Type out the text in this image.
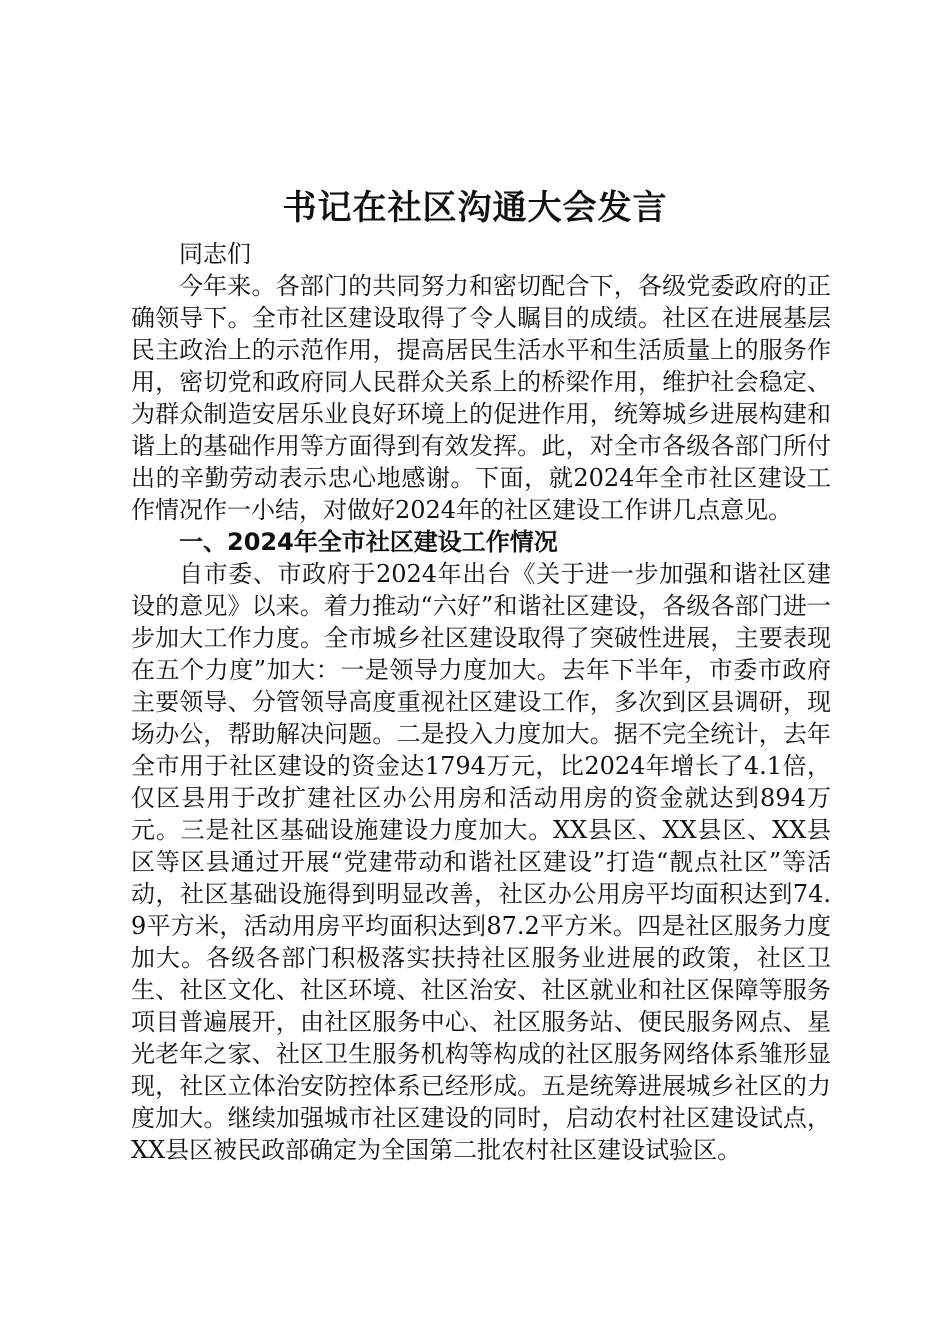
书记在社区沟通大会发言

同志们

今年来。各部门的共同努力和密切配合下，各级党委政府的正确领导下。全市社区建设取得了令人瞩目的成绩。社区在进展基层民主政治上的示范作用，提高居民生活水平和生活质量上的服务作用，密切党和政府同人民群众关系上的桥梁作用，维护社会稳定、为群众制造安居乐业良好环境上的促进作用，统筹城乡进展构建和谐上的基础作用等方面得到有效发挥。此，对全市各级各部门所付出的辛勤劳动表示忠心地感谢。下面，就2024年全市社区建设工作情况作一小结，对做好2024年的社区建设工作讲几点意见。

一、2024年全市社区建设工作情况

自市委、市政府于2024年出台《关于进一步加强和谐社区建设的意见》以来。着力推动“六好”和谐社区建设，各级各部门进一步加大工作力度。全市城乡社区建设取得了突破性进展，主要表现在五个力度”加大：一是领导力度加大。去年下半年，市委市政府主要领导、分管领导高度重视社区建设工作，多次到区县调研，现场办公，帮助解决问题。二是投入力度加大。据不完全统计，去年全市用于社区建设的资金达1794万元，比2024年增长了4.1倍，仅区县用于改扩建社区办公用房和活动用房的资金就达到894万元。三是社区基础设施建设力度加大。XX县区、XX县区、XX县区等区县通过开展“党建带动和谐社区建设”打造“靓点社区”等活动，社区基础设施得到明显改善，社区办公用房平均面积达到74.9平方米，活动用房平均面积达到87.2平方米。四是社区服务力度加大。各级各部门积极落实扶持社区服务业进展的政策，社区卫生、社区文化、社区环境、社区治安、社区就业和社区保障等服务项目普遍展开，由社区服务中心、社区服务站、便民服务网点、星光老年之家、社区卫生服务机构等构成的社区服务网络体系雏形显现，社区立体治安防控体系已经形成。五是统筹进展城乡社区的力度加大。继续加强城市社区建设的同时，启动农村社区建设试点，XX县区被民政部确定为全国第二批农村社区建设试验区。
